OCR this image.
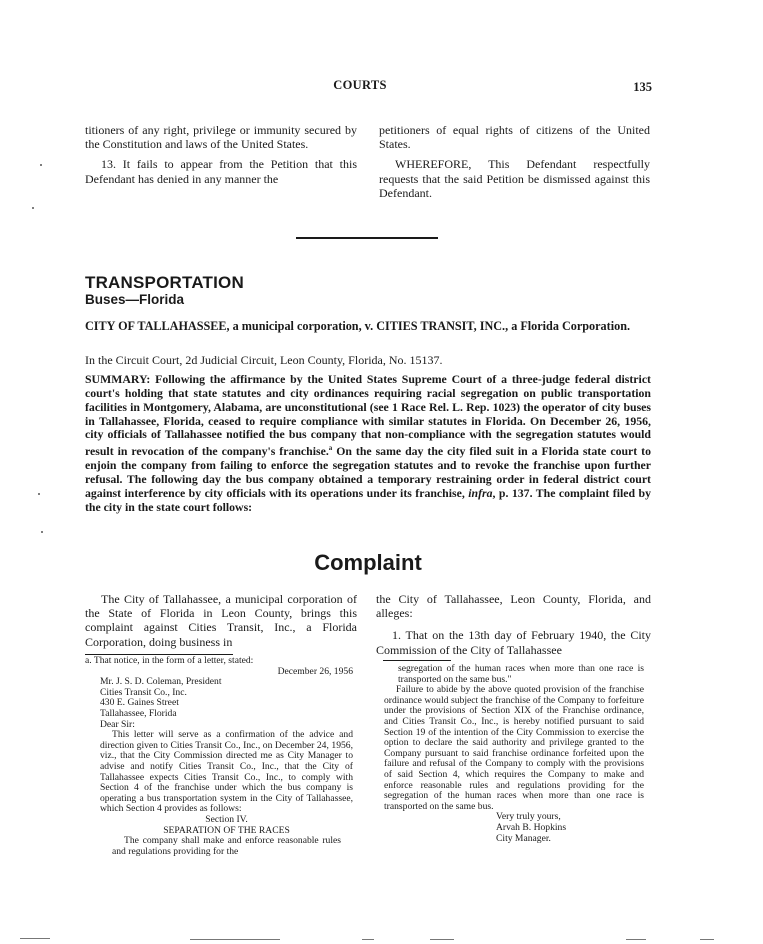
COURTS	135

titioners of any right, privilege or immunity secured by the Constitution and laws of the United States.

13. It fails to appear from the Petition that this Defendant has denied in any manner the

petitioners of equal rights of citizens of the United States.

WHEREFORE, This Defendant respectfully requests that the said Petition be dismissed against this Defendant.

TRANSPORTATION
Buses—Florida
CITY OF TALLAHASSEE, a municipal corporation, v. CITIES TRANSIT, INC., a Florida Corporation.
In the Circuit Court, 2d Judicial Circuit, Leon County, Florida, No. 15137.

SUMMARY: Following the affirmance by the United States Supreme Court of a three-judge federal district court's holding that state statutes and city ordinances requiring racial segregation on public transportation facilities in Montgomery, Alabama, are unconstitutional (see 1 Race Rel. L. Rep. 1023) the operator of city buses in Tallahassee, Florida, ceased to require compliance with similar statutes in Florida. On December 26, 1956, city officials of Tallahassee notified the bus company that non-compliance with the segregation statutes would result in revocation of the company's franchise.$^a$ On the same day the city filed suit in a Florida state court to enjoin the company from failing to enforce the segregation statutes and to revoke the franchise upon further refusal. The following day the bus company obtained a temporary restraining order in federal district court against interference by city officials with its operations under its franchise, infra, p. 137. The complaint filed by the city in the state court follows:

Complaint

The City of Tallahassee, a municipal corporation of the State of Florida in Leon County, brings this complaint against Cities Transit, Inc., a Florida Corporation, doing business in

the City of Tallahassee, Leon County, Florida, and alleges:

1. That on the 13th day of February 1940, the City Commission of the City of Tallahassee

a. That notice, in the form of a letter, stated:

December 26, 1956

Mr. J. S. D. Coleman, President

Cities Transit Co., Inc.

430 E. Gaines Street

Tallahassee, Florida

Dear Sir:

This letter will serve as a confirmation of the advice and direction given to Cities Transit Co., Inc., on December 24, 1956, viz., that the City Commission directed me as City Manager to advise and notify Cities Transit Co., Inc., that the City of Tallahassee expects Cities Transit Co., Inc., to comply with Section 4 of the franchise under which the bus company is operating a bus transportation system in the City of Tallahassee, which Section 4 provides as follows:

Section IV.

SEPARATION OF THE RACES

The company shall make and enforce reasonable rules and regulations providing for the

segregation of the human races when more than one race is transported on the same bus."

Failure to abide by the above quoted provision of the franchise ordinance would subject the franchise of the Company to forfeiture under the provisions of Section XIX of the Franchise ordinance, and Cities Transit Co., Inc., is hereby notified pursuant to said Section 19 of the intention of the City Commission to exercise the option to declare the said authority and privilege granted to the Company pursuant to said franchise ordinance forfeited upon the failure and refusal of the Company to comply with the provisions of said Section 4, which requires the Company to make and enforce reasonable rules and regulations providing for the segregation of the human races when more than one race is transported on the same bus.

Very truly yours,

Arvah B. Hopkins

City Manager.
